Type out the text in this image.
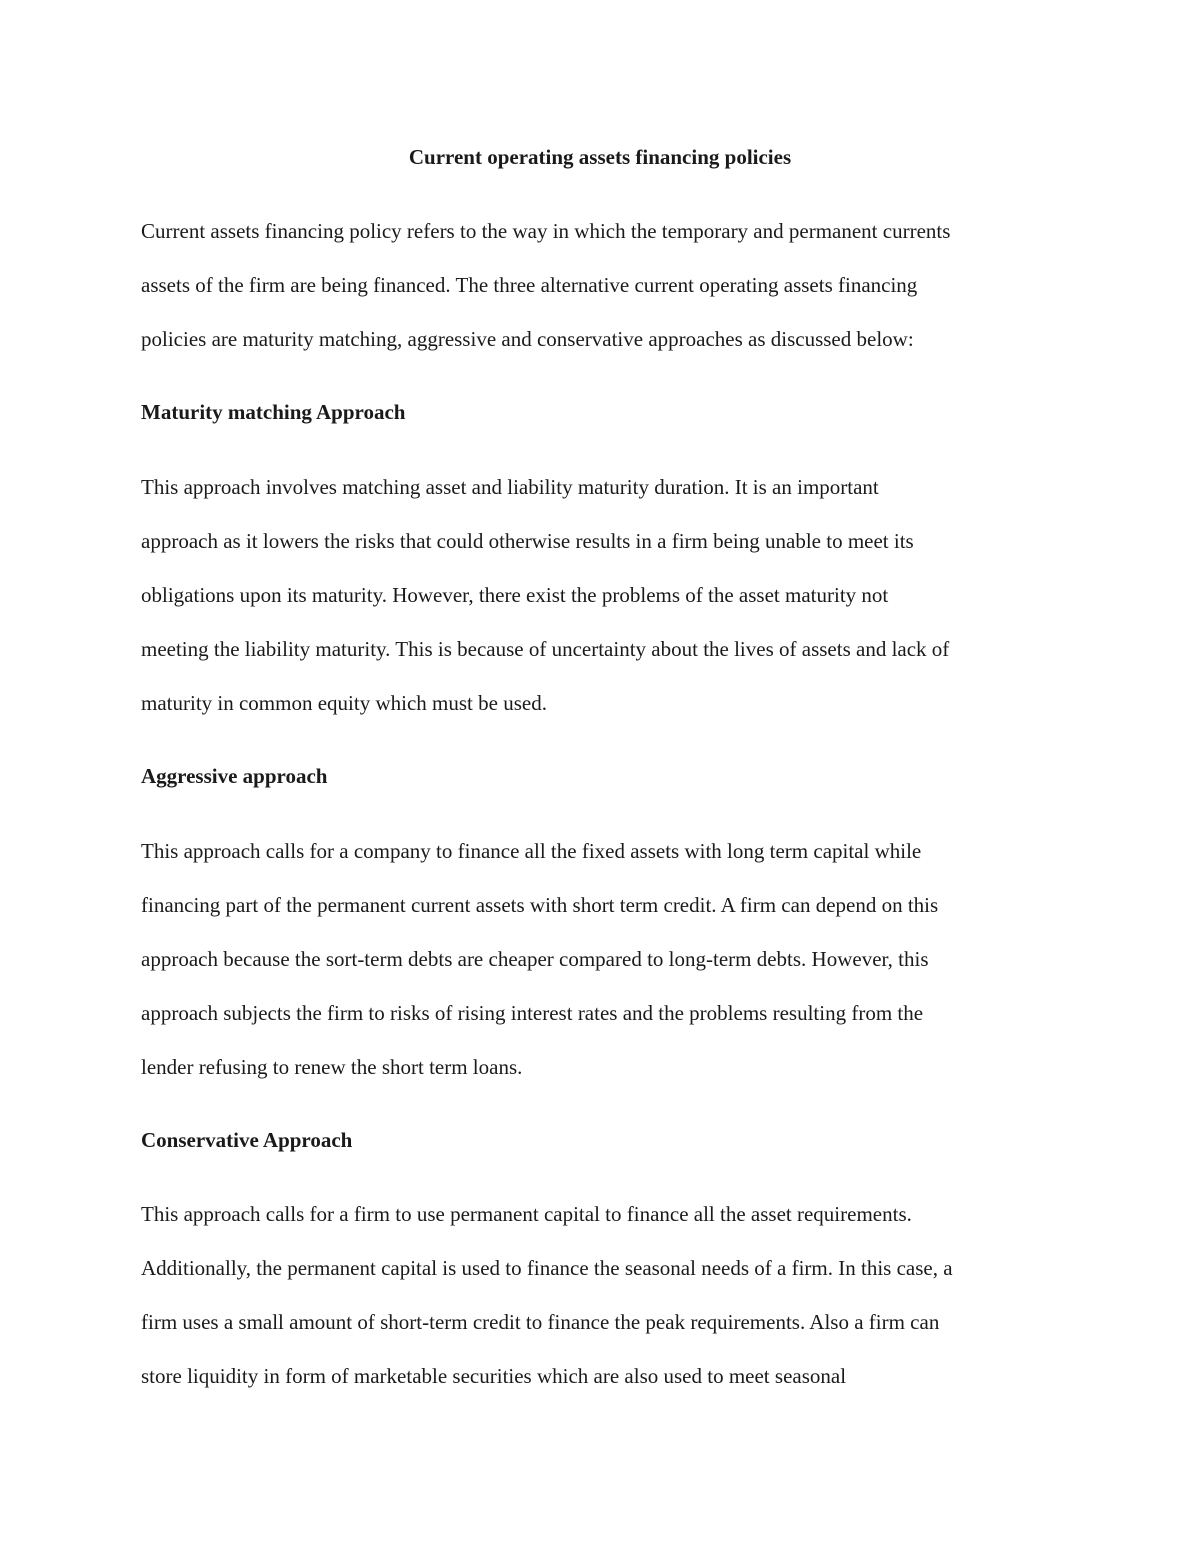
Current operating assets financing policies

Current assets financing policy refers to the way in which the temporary and permanent currents

assets of the firm are being financed. The three alternative current operating assets financing

policies are maturity matching, aggressive and conservative approaches as discussed below:

Maturity matching Approach

This approach involves matching asset and liability maturity duration. It is an important

approach as it lowers the risks that could otherwise results in a firm being unable to meet its

obligations upon its maturity. However, there exist the problems of the asset maturity not

meeting the liability maturity. This is because of uncertainty about the lives of assets and lack of

maturity in common equity which must be used.

Aggressive approach

This approach calls for a company to finance all the fixed assets with long term capital while

financing part of the permanent current assets with short term credit. A firm can depend on this

approach because the sort-term debts are cheaper compared to long-term debts. However, this

approach subjects the firm to risks of rising interest rates and the problems resulting from the

lender refusing to renew the short term loans.

Conservative Approach

This approach calls for a firm to use permanent capital to finance all the asset requirements.

Additionally, the permanent capital is used to finance the seasonal needs of a firm. In this case, a

firm uses a small amount of short-term credit to finance the peak requirements. Also a firm can

store liquidity in form of marketable securities which are also used to meet seasonal
